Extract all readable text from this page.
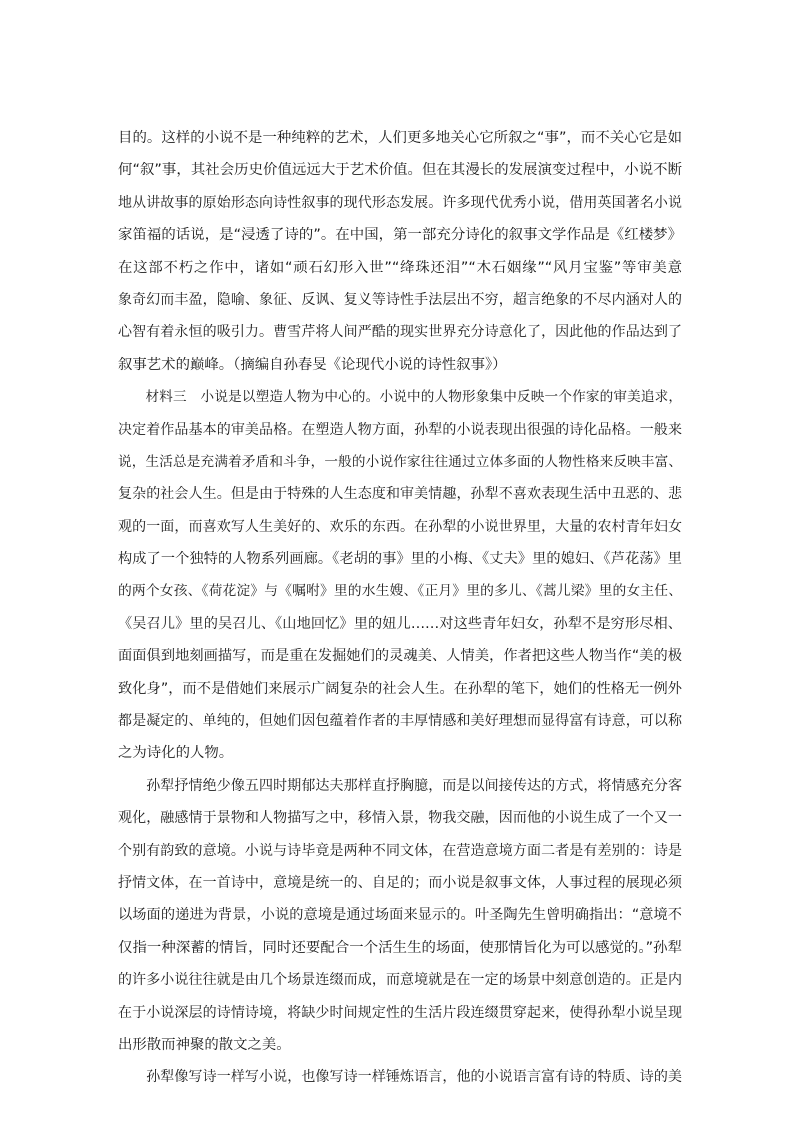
目的。这样的小说不是一种纯粹的艺术，人们更多地关心它所叙之“事”，而不关心它是如
何“叙”事，其社会历史价值远远大于艺术价值。但在其漫长的发展演变过程中，小说不断
地从讲故事的原始形态向诗性叙事的现代形态发展。许多现代优秀小说，借用英国著名小说
家笛福的话说，是“浸透了诗的”。在中国，第一部充分诗化的叙事文学作品是《红楼梦》
在这部不朽之作中，诸如“顽石幻形入世”“绛珠还泪”“木石姻缘”“风月宝鉴”等审美意
象奇幻而丰盈，隐喻、象征、反讽、复义等诗性手法层出不穷，超言绝象的不尽内涵对人的
心智有着永恒的吸引力。曹雪芹将人间严酷的现实世界充分诗意化了，因此他的作品达到了
叙事艺术的巅峰。（摘编自孙春旻《论现代小说的诗性叙事》）
　　材料三　小说是以塑造人物为中心的。小说中的人物形象集中反映一个作家的审美追求，
决定着作品基本的审美品格。在塑造人物方面，孙犁的小说表现出很强的诗化品格。一般来
说，生活总是充满着矛盾和斗争，一般的小说作家往往通过立体多面的人物性格来反映丰富、
复杂的社会人生。但是由于特殊的人生态度和审美情趣，孙犁不喜欢表现生活中丑恶的、悲
观的一面，而喜欢写人生美好的、欢乐的东西。在孙犁的小说世界里，大量的农村青年妇女
构成了一个独特的人物系列画廊。《老胡的事》里的小梅、《丈夫》里的媳妇、《芦花荡》里
的两个女孩、《荷花淀》与《嘱咐》里的水生嫂、《正月》里的多儿、《蒿儿梁》里的女主任、
《吴召儿》里的吴召儿、《山地回忆》里的妞儿……对这些青年妇女，孙犁不是穷形尽相、
面面俱到地刻画描写，而是重在发掘她们的灵魂美、人情美，作者把这些人物当作“美的极
致化身”，而不是借她们来展示广阔复杂的社会人生。在孙犁的笔下，她们的性格无一例外
都是凝定的、单纯的，但她们因包蕴着作者的丰厚情感和美好理想而显得富有诗意，可以称
之为诗化的人物。
　　孙犁抒情绝少像五四时期郁达夫那样直抒胸臆，而是以间接传达的方式，将情感充分客
观化，融感情于景物和人物描写之中，移情入景，物我交融，因而他的小说生成了一个又一
个别有韵致的意境。小说与诗毕竟是两种不同文体，在营造意境方面二者是有差别的：诗是
抒情文体，在一首诗中，意境是统一的、自足的；而小说是叙事文体，人事过程的展现必须
以场面的递进为背景，小说的意境是通过场面来显示的。叶圣陶先生曾明确指出：“意境不
仅指一种深蓄的情旨，同时还要配合一个活生生的场面，使那情旨化为可以感觉的。”孙犁
的许多小说往往就是由几个场景连缀而成，而意境就是在一定的场景中刻意创造的。正是内
在于小说深层的诗情诗境，将缺少时间规定性的生活片段连缀贯穿起来，使得孙犁小说呈现
出形散而神聚的散文之美。
　　孙犁像写诗一样写小说，也像写诗一样锤炼语言，他的小说语言富有诗的特质、诗的美
